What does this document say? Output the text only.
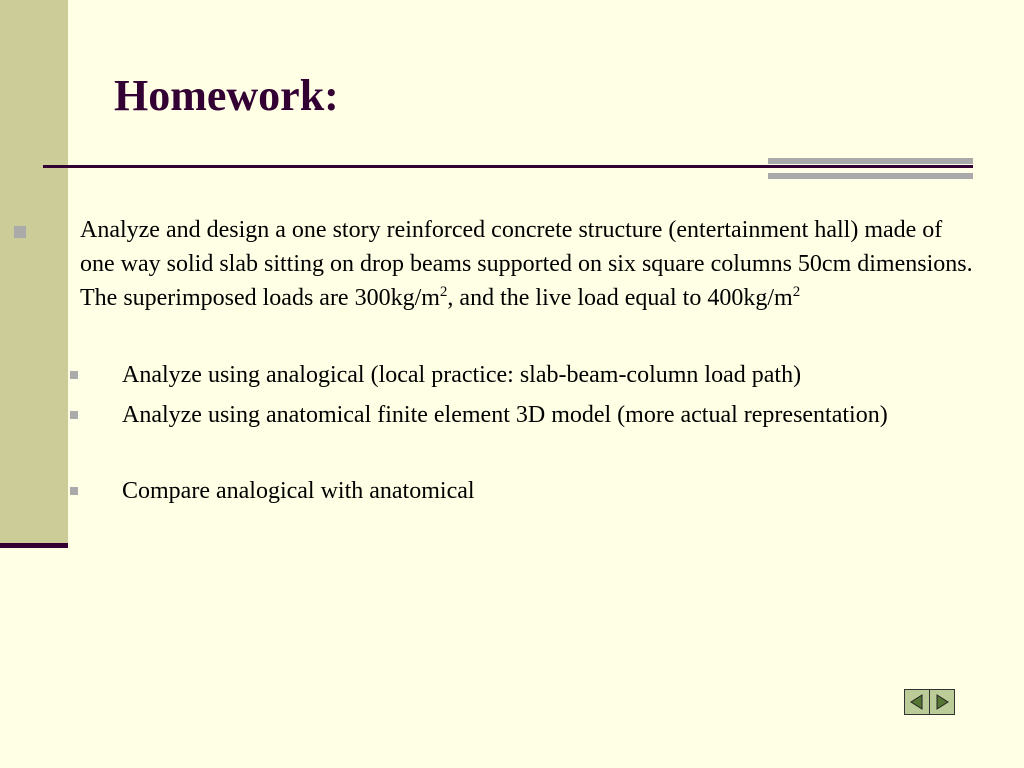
Homework:

Analyze and design a one story reinforced concrete structure (entertainment hall) made of one way solid slab sitting on drop beams supported on six square columns 50cm dimensions. The superimposed loads are $300kg/m^2$, and the live load equal to $400kg/m^2$

Analyze using analogical (local practice: slab-beam-column load path)

Analyze using anatomical finite element 3D model (more actual representation)

Compare analogical with anatomical
